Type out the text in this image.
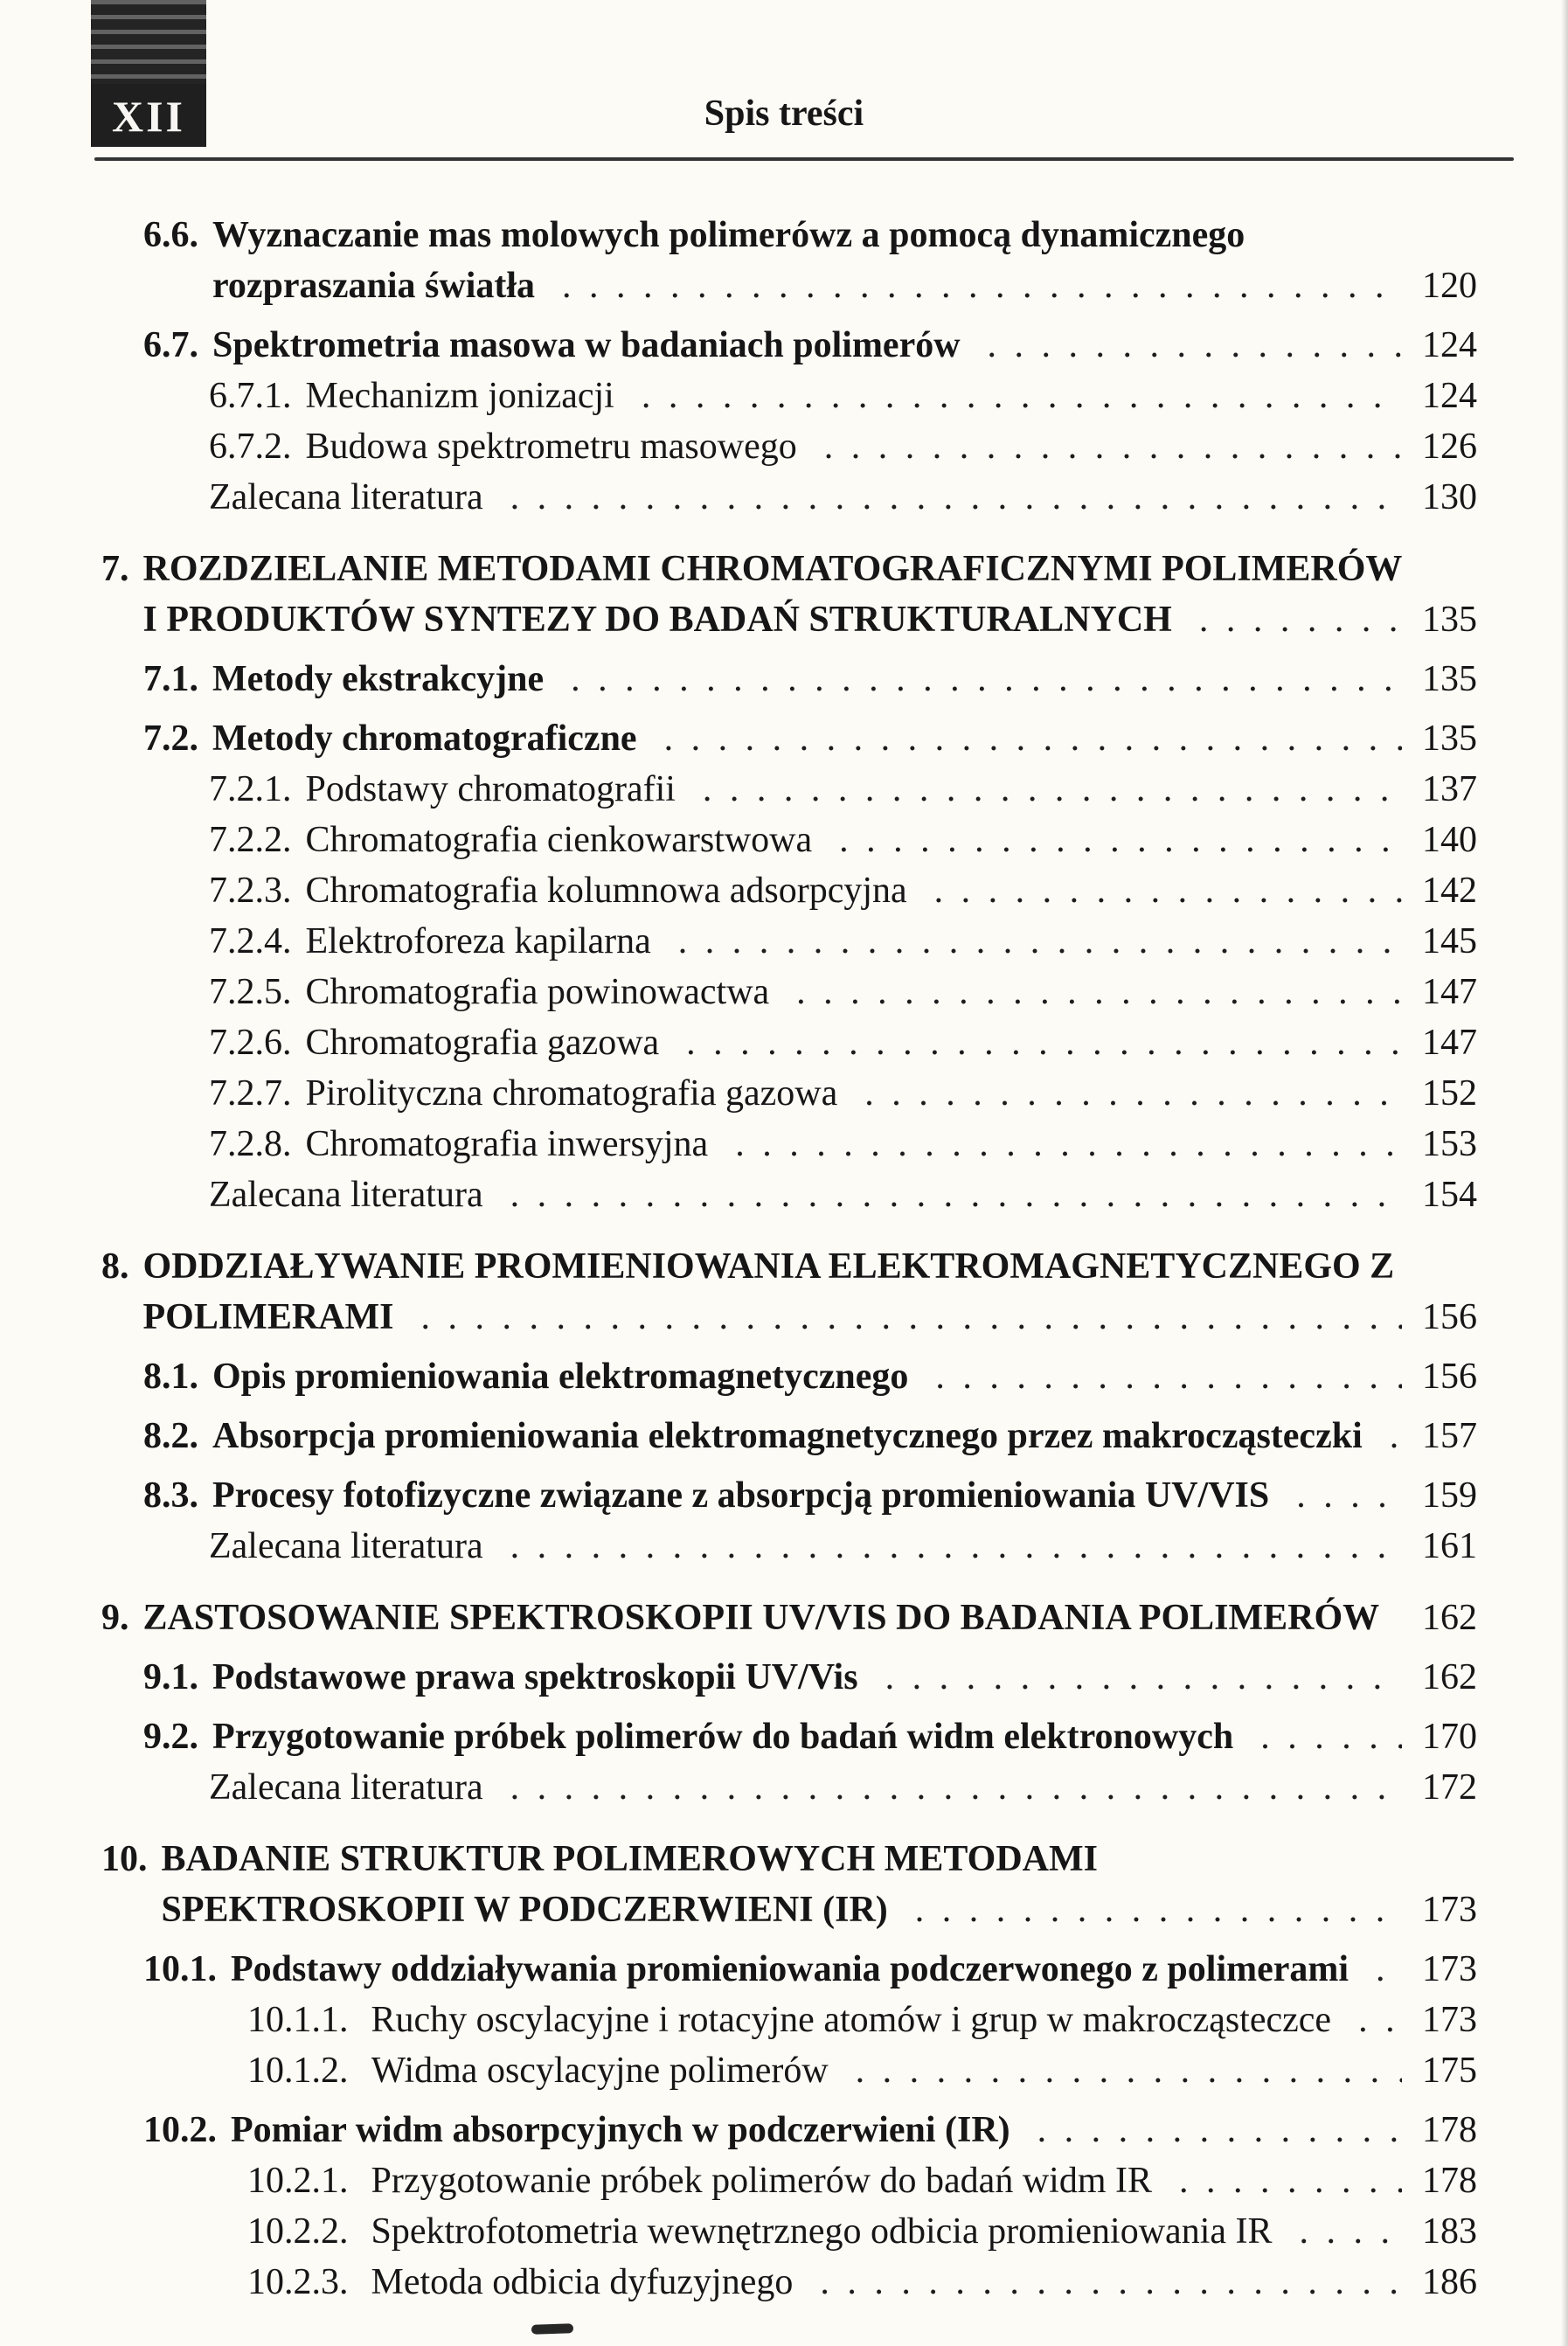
XII	Spis treści
6.6. Wyznaczanie mas molowych polimerówz a pomocą dynamicznego rozpraszania światła . . .	120
6.7. Spektrometria masowa w badaniach polimerów . . .	124
6.7.1. Mechanizm jonizacji . . .	124
6.7.2. Budowa spektrometru masowego . . .	126
Zalecana literatura . . .	130
7. ROZDZIELANIE METODAMI CHROMATOGRAFICZNYMI POLIMERÓW I PRODUKTÓW SYNTEZY DO BADAŃ STRUKTURALNYCH . . .	135
7.1. Metody ekstrakcyjne . . .	135
7.2. Metody chromatograficzne . . .	135
7.2.1. Podstawy chromatografii . . .	137
7.2.2. Chromatografia cienkowarstwowa . . .	140
7.2.3. Chromatografia kolumnowa adsorpcyjna . . .	142
7.2.4. Elektroforeza kapilarna . . .	145
7.2.5. Chromatografia powinowactwa . . .	147
7.2.6. Chromatografia gazowa . . .	147
7.2.7. Pirolityczna chromatografia gazowa . . .	152
7.2.8. Chromatografia inwersyjna . . .	153
Zalecana literatura . . .	154
8. ODDZIAŁYWANIE PROMIENIOWANIA ELEKTROMAGNETYCZNEGO Z POLIMERAMI . . .	156
8.1. Opis promieniowania elektromagnetycznego . . .	156
8.2. Absorpcja promieniowania elektromagnetycznego przez makrocząsteczki . . .	157
8.3. Procesy fotofizyczne związane z absorpcją promieniowania UV/VIS . . .	159
Zalecana literatura . . .	161
9. ZASTOSOWANIE SPEKTROSKOPII UV/VIS DO BADANIA POLIMERÓW . . .	162
9.1. Podstawowe prawa spektroskopii UV/Vis . . .	162
9.2. Przygotowanie próbek polimerów do badań widm elektronowych . . .	170
Zalecana literatura . . .	172
10. BADANIE STRUKTUR POLIMEROWYCH METODAMI SPEKTROSKOPII W PODCZERWIENI (IR) . . .	173
10.1. Podstawy oddziaływania promieniowania podczerwonego z polimerami . . .	173
10.1.1. Ruchy oscylacyjne i rotacyjne atomów i grup w makrocząsteczce . . .	173
10.1.2. Widma oscylacyjne polimerów . . .	175
10.2. Pomiar widm absorpcyjnych w podczerwieni (IR) . . .	178
10.2.1. Przygotowanie próbek polimerów do badań widm IR . . .	178
10.2.2. Spektrofotometria wewnętrznego odbicia promieniowania IR . . .	183
10.2.3. Metoda odbicia dyfuzyjnego . . .	186
